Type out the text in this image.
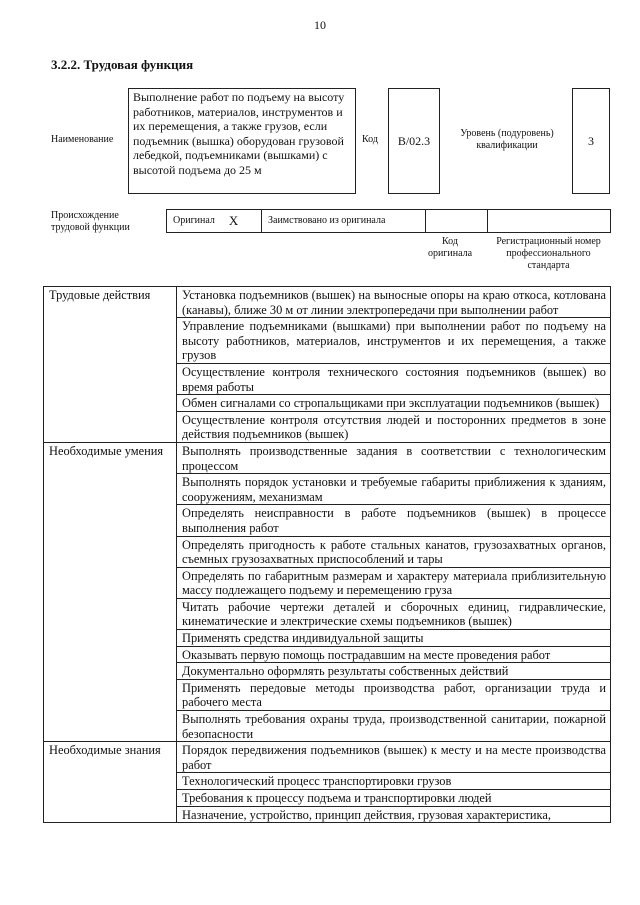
10
3.2.2. Трудовая функция
Наименование
Выполнение работ по подъему на высоту работников, материалов, инструментов и их перемещения, а также грузов, если подъемник (вышка) оборудован грузовой лебедкой, подъемниками (вышками) с высотой подъема до 25 м
Код	B/02.3	Уровень (подуровень) квалификации	3
Происхождение трудовой функции
Оригинал X	Заимствовано из оригинала
Код оригинала
Регистрационный номер профессионального стандарта
Трудовые действия	Установка подъемников (вышек) на выносные опоры на краю откоса, котлована (канавы), ближе 30 м от линии электропередачи при выполнении работ
	Управление подъемниками (вышками) при выполнении работ по подъему на высоту работников, материалов, инструментов и их перемещения, а также грузов
	Осуществление контроля технического состояния подъемников (вышек) во время работы
	Обмен сигналами со стропальщиками при эксплуатации подъемников (вышек)
	Осуществление контроля отсутствия людей и посторонних предметов в зоне действия подъемников (вышек)
Необходимые умения	Выполнять производственные задания в соответствии с технологическим процессом
	Выполнять порядок установки и требуемые габариты приближения к зданиям, сооружениям, механизмам
	Определять неисправности в работе подъемников (вышек) в процессе выполнения работ
	Определять пригодность к работе стальных канатов, грузозахватных органов, съемных грузозахватных приспособлений и тары
	Определять по габаритным размерам и характеру материала приблизительную массу подлежащего подъему и перемещению груза
	Читать рабочие чертежи деталей и сборочных единиц, гидравлические, кинематические и электрические схемы подъемников (вышек)
	Применять средства индивидуальной защиты
	Оказывать первую помощь пострадавшим на месте проведения работ
	Документально оформлять результаты собственных действий
	Применять передовые методы производства работ, организации труда и рабочего места
	Выполнять требования охраны труда, производственной санитарии, пожарной безопасности
Необходимые знания	Порядок передвижения подъемников (вышек) к месту и на месте производства работ
	Технологический процесс транспортировки грузов
	Требования к процессу подъема и транспортировки людей
	Назначение, устройство, принцип действия, грузовая характеристика,
